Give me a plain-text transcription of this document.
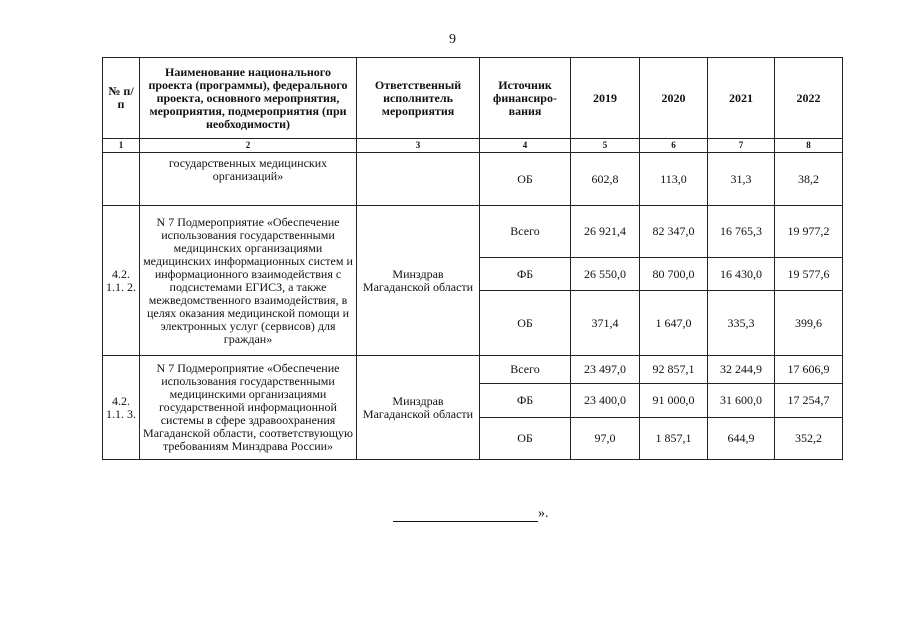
9
№ п/п	Наименование национального проекта (программы), федерального проекта, основного мероприятия, мероприятия, подмероприятия (при необходимости)	Ответственный исполнитель мероприятия	Источник финансиро-вания	2019	2020	2021	2022
1	2	3	4	5	6	7	8
	государственных медицинских организаций»		ОБ	602,8	113,0	31,3	38,2
4.2. 1.1. 2.	N 7 Подмероприятие «Обеспечение использования государственными медицинских организациями медицинских информационных систем и информационного взаимодействия с подсистемами ЕГИСЗ, а также межведомственного взаимодействия, в целях оказания медицинской помощи и электронных услуг (сервисов) для граждан»	Минздрав Магаданской области	Всего	26 921,4	82 347,0	16 765,3	19 977,2
			ФБ	26 550,0	80 700,0	16 430,0	19 577,6
			ОБ	371,4	1 647,0	335,3	399,6
4.2. 1.1. 3.	N 7 Подмероприятие «Обеспечение использования государственными медицинскими организациями государственной информационной системы в сфере здравоохранения Магаданской области, соответствующую требованиям Минздрава России»	Минздрав Магаданской области	Всего	23 497,0	92 857,1	32 244,9	17 606,9
			ФБ	23 400,0	91 000,0	31 600,0	17 254,7
			ОБ	97,0	1 857,1	644,9	352,2
».
